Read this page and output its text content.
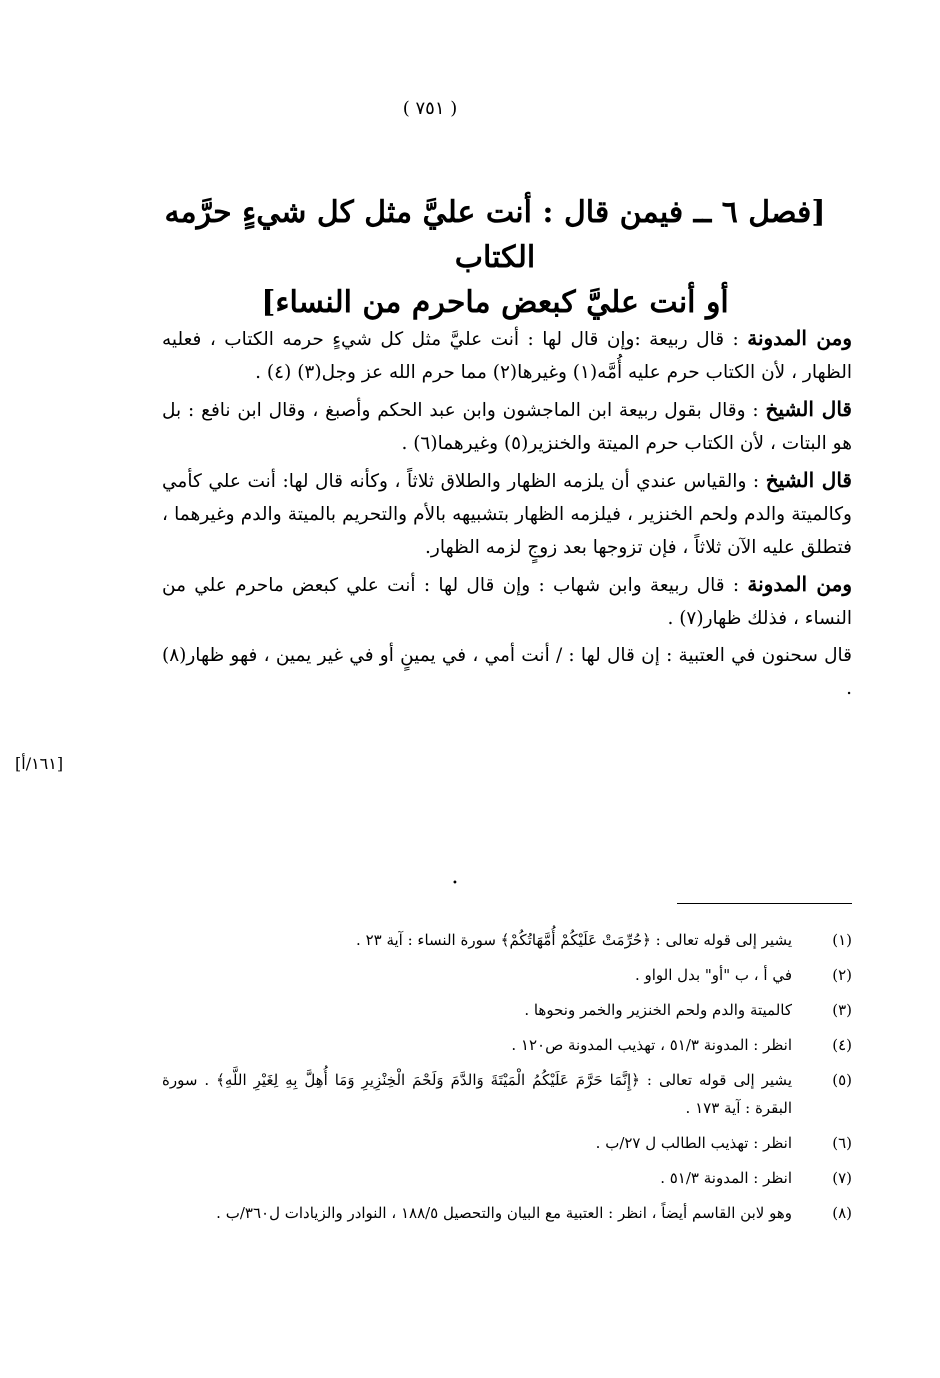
( ٧٥١ )
[فصل ٦ ــ فيمن قال : أنت عليَّ مثل كل شيءٍ حرَّمه الكتاب
أو أنت عليَّ كبعض ماحرم من النساء]

ومن المدونة : قال ربيعة :وإن قال لها : أنت عليَّ مثل كل شيءٍ حرمه الكتاب ، فعليه الظهار ، لأن الكتاب حرم عليه أُمَّه(١) وغيرها(٢) مما حرم الله عز وجل(٣) (٤) .

قال الشيخ : وقال بقول ربيعة ابن الماجشون وابن عبد الحكم وأصبغ ، وقال ابن نافع : بل هو البتات ، لأن الكتاب حرم الميتة والخنزير(٥) وغيرهما(٦) .

قال الشيخ : والقياس عندي أن يلزمه الظهار والطلاق ثلاثاً ، وكأنه قال لها: أنت علي كأمي وكالميتة والدم ولحم الخنزير ، فيلزمه الظهار بتشبيهه بالأم والتحريم بالميتة والدم وغيرهما ، فتطلق عليه الآن ثلاثاً ، فإن تزوجها بعد زوجٍ لزمه الظهار.

ومن المدونة : قال ربيعة وابن شهاب : وإن قال لها : أنت علي كبعض ماحرم علي من النساء ، فذلك ظهار(٧) .

قال سحنون في العتبية : إن قال لها : / أنت أمي ، في يمينٍ أو في غير يمين ، فهو ظهار(٨) .

[١٦١/أ]
•
(١)
يشير إلى قوله تعالى : ﴿حُرِّمَتْ عَلَيْكُمْ أُمَّهَاتُكُمْ﴾ سورة النساء : آية ٢٣ .
(٢)
في أ ، ب "أو" بدل الواو .
(٣)
كالميتة والدم ولحم الخنزير والخمر ونحوها .
(٤)
انظر : المدونة ٥١/٣ ، تهذيب المدونة ص١٢٠ .
(٥)
يشير إلى قوله تعالى : ﴿إِنَّمَا حَرَّمَ عَلَيْكُمُ الْمَيْتَةَ وَالدَّمَ وَلَحْمَ الْخِنْزِيرِ وَمَا أُهِلَّ بِهِ لِغَيْرِ اللَّهِ﴾ . سورة البقرة : آية ١٧٣ .
(٦)
انظر : تهذيب الطالب ل ٢٧/ب .
(٧)
انظر : المدونة ٥١/٣ .
(٨)
وهو لابن القاسم أيضاً ، انظر : العتبية مع البيان والتحصيل ١٨٨/٥ ، النوادر والزيادات ل٣٦٠/ب .
